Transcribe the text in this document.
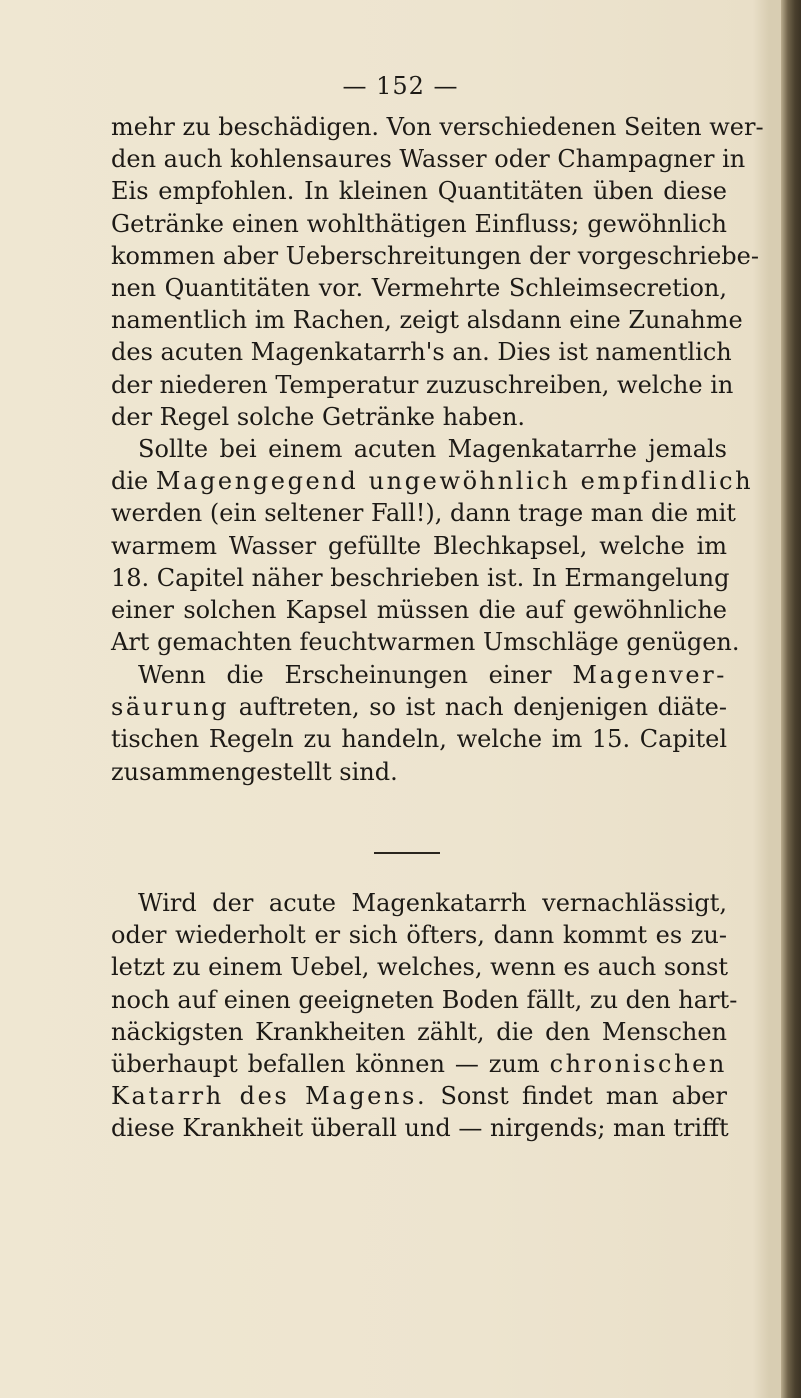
— 152 —
mehr zu beschädigen. Von verschiedenen Seiten wer-
den auch kohlensaures Wasser oder Champagner in
Eis empfohlen. In kleinen Quantitäten üben diese
Getränke einen wohlthätigen Einfluss; gewöhnlich
kommen aber Ueberschreitungen der vorgeschriebe-
nen Quantitäten vor. Vermehrte Schleimsecretion,
namentlich im Rachen, zeigt alsdann eine Zunahme
des acuten Magenkatarrh's an. Dies ist namentlich
der niederen Temperatur zuzuschreiben, welche in
der Regel solche Getränke haben.
Sollte bei einem acuten Magenkatarrhe jemals
die Magengegend ungewöhnlich empfindlich
werden (ein seltener Fall!), dann trage man die mit
warmem Wasser gefüllte Blechkapsel, welche im
18. Capitel näher beschrieben ist. In Ermangelung
einer solchen Kapsel müssen die auf gewöhnliche
Art gemachten feuchtwarmen Umschläge genügen.
Wenn die Erscheinungen einer Magenver-
säurung auftreten, so ist nach denjenigen diäte-
tischen Regeln zu handeln, welche im 15. Capitel
zusammengestellt sind.
Wird der acute Magenkatarrh vernachlässigt,
oder wiederholt er sich öfters, dann kommt es zu-
letzt zu einem Uebel, welches, wenn es auch sonst
noch auf einen geeigneten Boden fällt, zu den hart-
näckigsten Krankheiten zählt, die den Menschen
überhaupt befallen können — zum chronischen
Katarrh des Magens. Sonst findet man aber
diese Krankheit überall und — nirgends; man trifft
